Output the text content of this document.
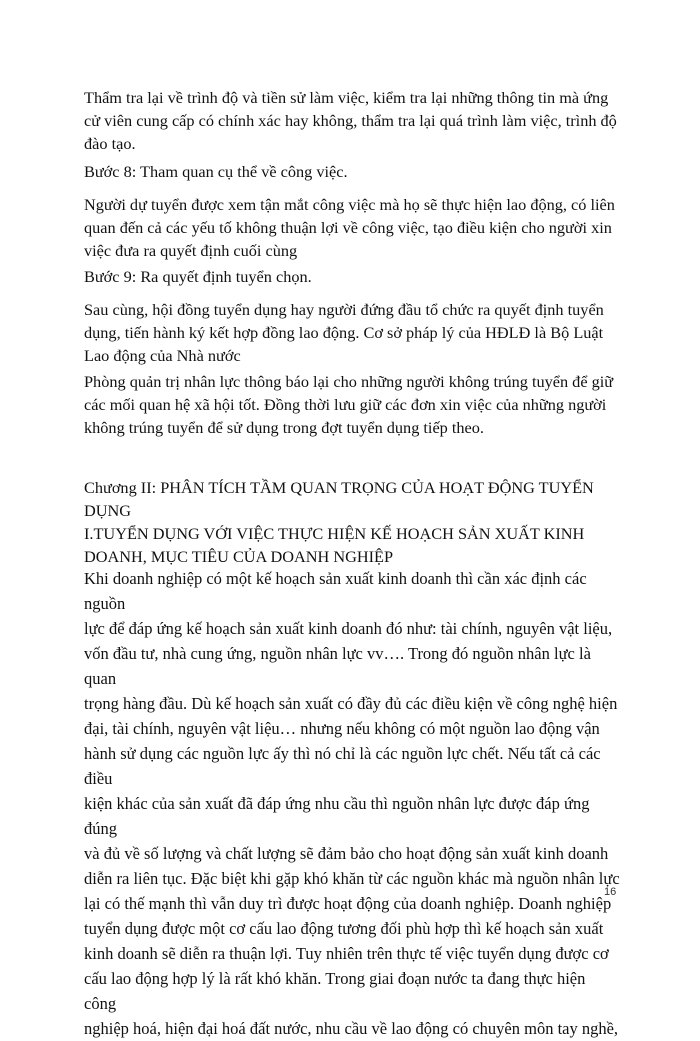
Thẩm tra lại về trình độ và tiền sử làm việc, kiểm tra lại những thông tin mà ứng
cử viên cung cấp có chính xác hay không, thẩm tra lại quá trình làm việc, trình độ
đào tạo.

Bước 8: Tham quan cụ thể về công việc.

Người dự tuyển được xem tận mắt công việc mà họ sẽ thực hiện lao động, có liên
quan đến cả các yếu tố không thuận lợi về công việc, tạo điều kiện cho người xin
việc đưa ra quyết định cuối cùng

Bước 9: Ra quyết định tuyển chọn.

Sau cùng, hội đồng tuyển dụng hay người đứng đầu tổ chức ra quyết định tuyển
dụng, tiến hành ký kết hợp đồng lao động. Cơ sở pháp lý của HĐLĐ là Bộ Luật
Lao động của Nhà nước

Phòng quản trị nhân lực thông báo lại cho những người không trúng tuyển để giữ
các mối quan hệ xã hội tốt. Đồng thời lưu giữ các đơn xin việc của những người
không trúng tuyển để sử dụng trong đợt tuyển dụng tiếp theo.

Chương II: PHÂN TÍCH TẦM QUAN TRỌNG CỦA HOẠT ĐỘNG TUYỂN
DỤNG
I.TUYỂN DỤNG VỚI VIỆC THỰC HIỆN KẾ HOẠCH SẢN XUẤT KINH
DOANH, MỤC TIÊU CỦA DOANH NGHIỆP

Khi doanh nghiệp có một kế hoạch sản xuất kinh doanh thì cần xác định các nguồn
lực để đáp ứng kế hoạch sản xuất kinh doanh đó như: tài chính, nguyên vật liệu,
vốn đầu tư, nhà cung ứng, nguồn nhân lực vv…. Trong đó nguồn nhân lực là quan
trọng hàng đầu. Dù kế hoạch sản xuất có đầy đủ các điều kiện về công nghệ hiện
đại, tài chính, nguyên vật liệu… nhưng nếu không có một nguồn lao động vận
hành sử dụng các nguồn lực ấy thì nó chỉ là các nguồn lực chết. Nếu tất cả các điều
kiện khác của sản xuất đã đáp ứng nhu cầu thì nguồn nhân lực được đáp ứng đúng
và đủ về số lượng và chất lượng sẽ đảm bảo cho hoạt động sản xuất kinh doanh
diễn ra liên tục. Đặc biệt khi gặp khó khăn từ các nguồn khác mà nguồn nhân lực
lại có thế mạnh thì vẫn duy trì được hoạt động của doanh nghiệp. Doanh nghiệp
tuyển dụng được một cơ cấu lao động tương đối phù hợp thì kế hoạch sản xuất
kinh doanh sẽ diễn ra thuận lợi. Tuy nhiên trên thực tế việc tuyển dụng được cơ
cấu lao động hợp lý là rất khó khăn. Trong giai đoạn nước ta đang thực hiện công
nghiệp hoá, hiện đại hoá đất nước, nhu cầu về lao động có chuyên môn tay nghề,

16
